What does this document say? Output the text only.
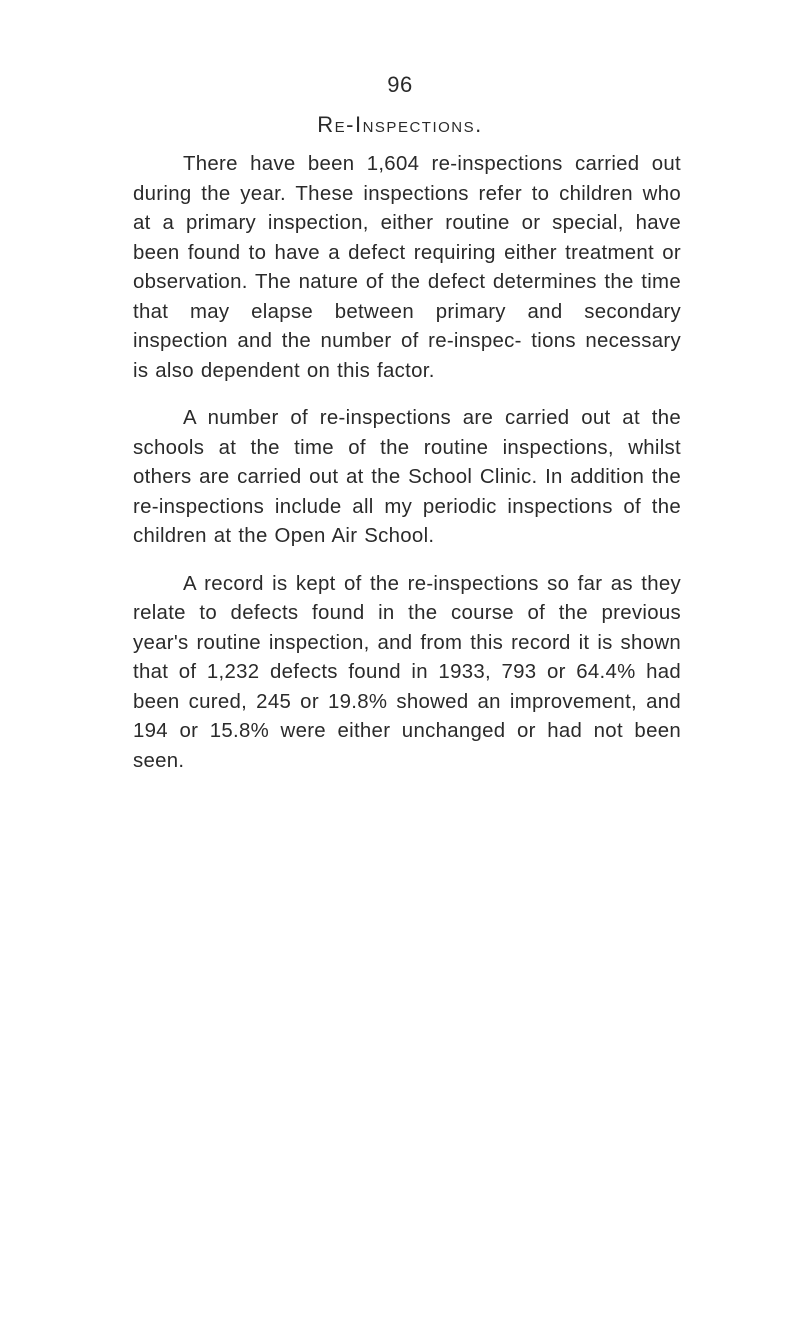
96
Re-Inspections.

There have been 1,604 re-inspections carried out during the year. These inspections refer to children who at a primary inspection, either routine or special, have been found to have a defect requiring either treatment or observation. The nature of the defect determines the time that may elapse between primary and secondary inspection and the number of re-inspec- tions necessary is also dependent on this factor.

A number of re-inspections are carried out at the schools at the time of the routine inspections, whilst others are carried out at the School Clinic. In addition the re-inspections include all my periodic inspections of the children at the Open Air School.

A record is kept of the re-inspections so far as they relate to defects found in the course of the previous year's routine inspection, and from this record it is shown that of 1,232 defects found in 1933, 793 or 64.4% had been cured, 245 or 19.8% showed an improvement, and 194 or 15.8% were either unchanged or had not been seen.
